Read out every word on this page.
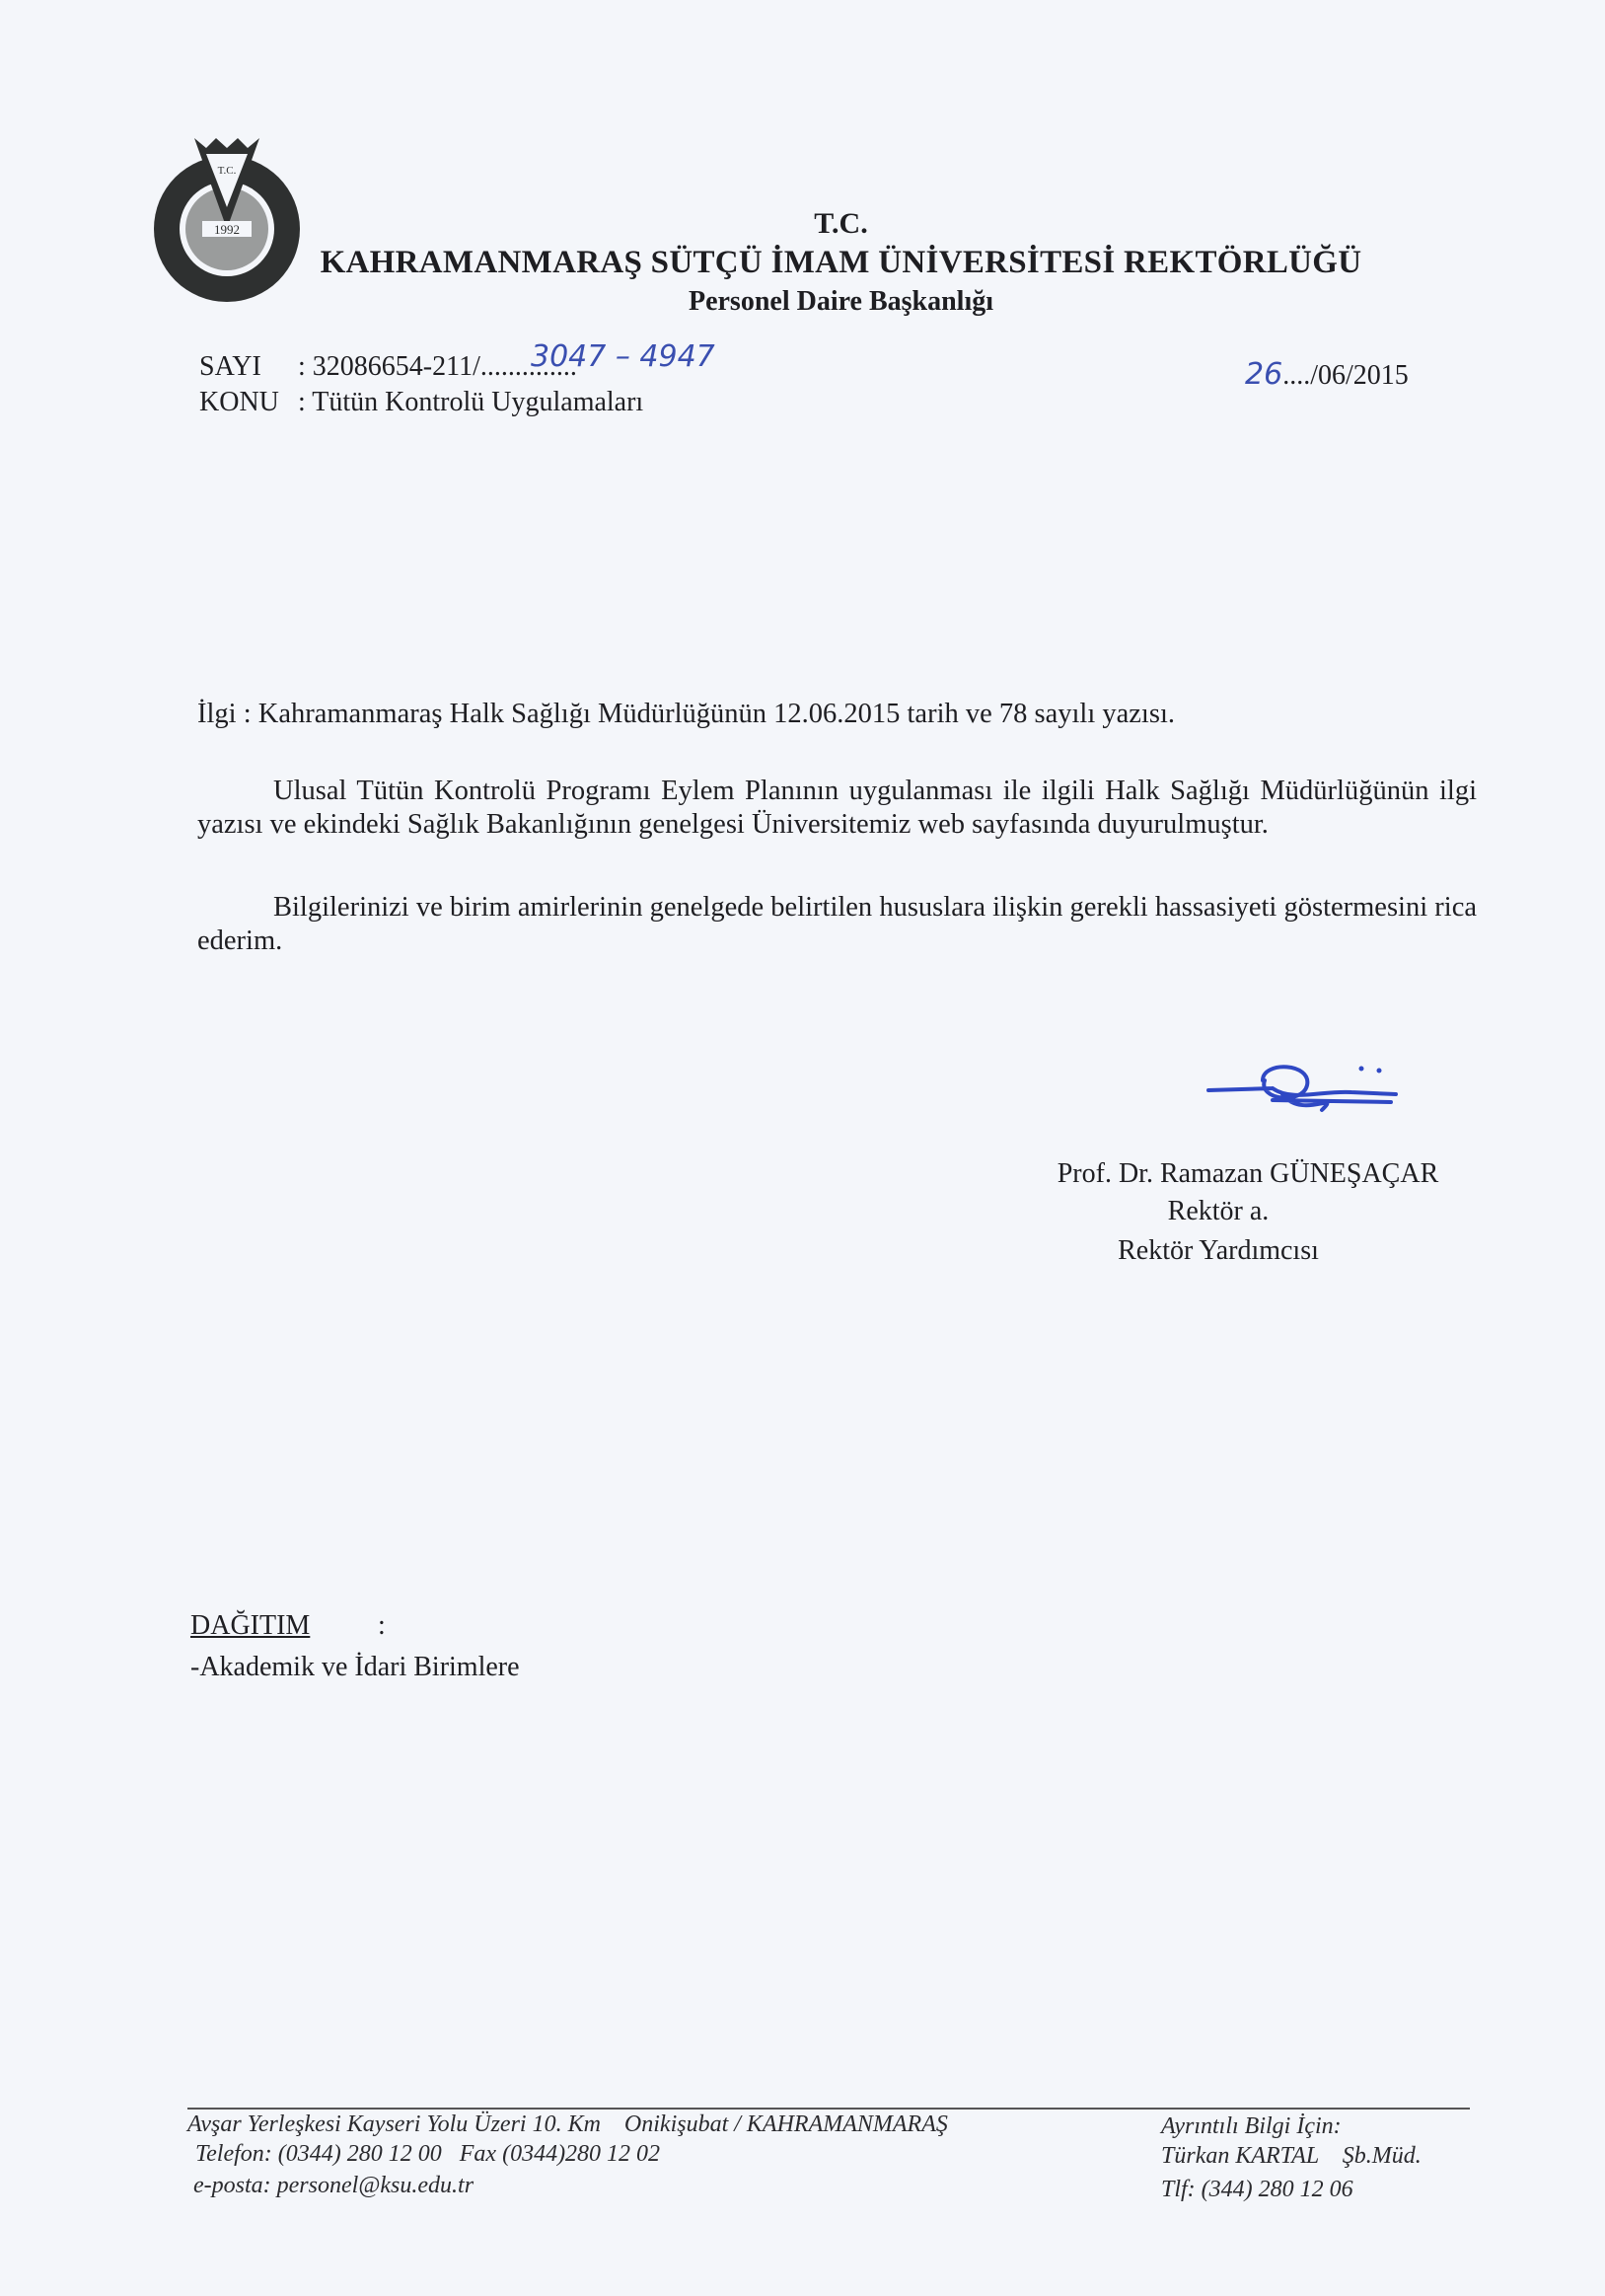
T.C.
1992	T.C.
KAHRAMANMARAŞ SÜTÇÜ İMAM ÜNİVERSİTESİ REKTÖRLÜĞÜ
Personel Daire Başkanlığı
SAYI : 32086654-211/..............
3047 – 4947
KONU : Tütün Kontrolü Uygulamaları
26..../06/2015
İlgi : Kahramanmaraş Halk Sağlığı Müdürlüğünün 12.06.2015 tarih ve 78 sayılı yazısı.

Ulusal Tütün Kontrolü Programı Eylem Planının uygulanması ile ilgili Halk Sağlığı Müdürlüğünün ilgi yazısı ve ekindeki Sağlık Bakanlığının genelgesi Üniversitemiz web sayfasında duyurulmuştur.

Bilgilerinizi ve birim amirlerinin genelgede belirtilen hususlara ilişkin gerekli hassasiyeti göstermesini rica ederim.

Prof. Dr. Ramazan GÜNEŞAÇAR
Rektör a.
Rektör Yardımcısı
DAĞITIM :
-Akademik ve İdari Birimlere
Avşar Yerleşkesi Kayseri Yolu Üzeri 10. Km    Onikişubat / KAHRAMANMARAŞ
Telefon: (0344) 280 12 00   Fax (0344)280 12 02
e-posta: personel@ksu.edu.tr
Ayrıntılı Bilgi İçin:
Türkan KARTAL    Şb.Müd.
Tlf: (344) 280 12 06
